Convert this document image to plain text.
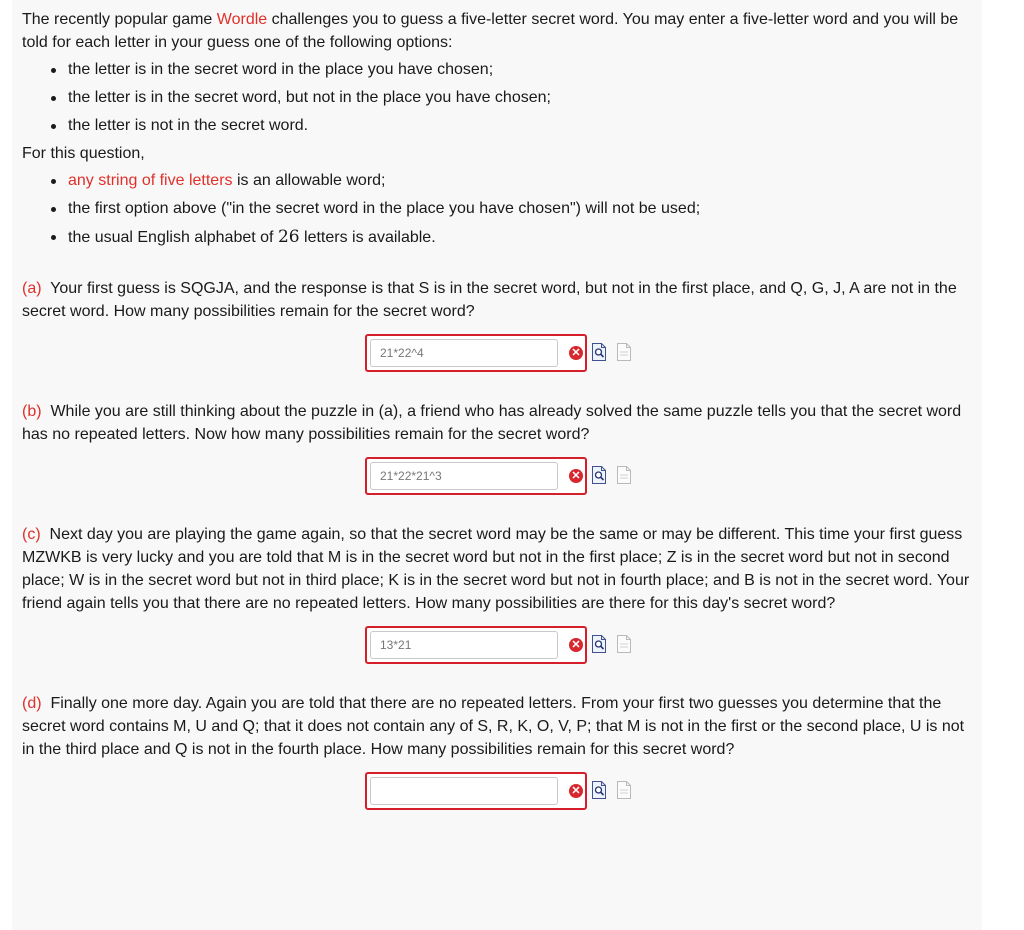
The recently popular game Wordle challenges you to guess a five-letter secret word. You may enter a five-letter word and you will be told for each letter in your guess one of the following options:

the letter is in the secret word in the place you have chosen;
the letter is in the secret word, but not in the place you have chosen;
the letter is not in the secret word.

For this question,

any string of five letters is an allowable word;
the first option above ("in the secret word in the place you have chosen") will not be used;
the usual English alphabet of 26 letters is available.

(a) Your first guess is SQGJA, and the response is that S is in the secret word, but not in the first place, and Q, G, J, A are not in the secret word. How many possibilities remain for the secret word?

21*22^4
✕

(b) While you are still thinking about the puzzle in (a), a friend who has already solved the same puzzle tells you that the secret word has no repeated letters. Now how many possibilities remain for the secret word?

21*22*21^3
✕

(c) Next day you are playing the game again, so that the secret word may be the same or may be different. This time your first guess MZWKB is very lucky and you are told that M is in the secret word but not in the first place; Z is in the secret word but not in second place; W is in the secret word but not in third place; K is in the secret word but not in fourth place; and B is not in the secret word. Your friend again tells you that there are no repeated letters. How many possibilities are there for this day's secret word?

13*21
✕

(d) Finally one more day. Again you are told that there are no repeated letters. From your first two guesses you determine that the secret word contains M, U and Q; that it does not contain any of S, R, K, O, V, P; that M is not in the first or the second place, U is not in the third place and Q is not in the fourth place. How many possibilities remain for this secret word?

✕
